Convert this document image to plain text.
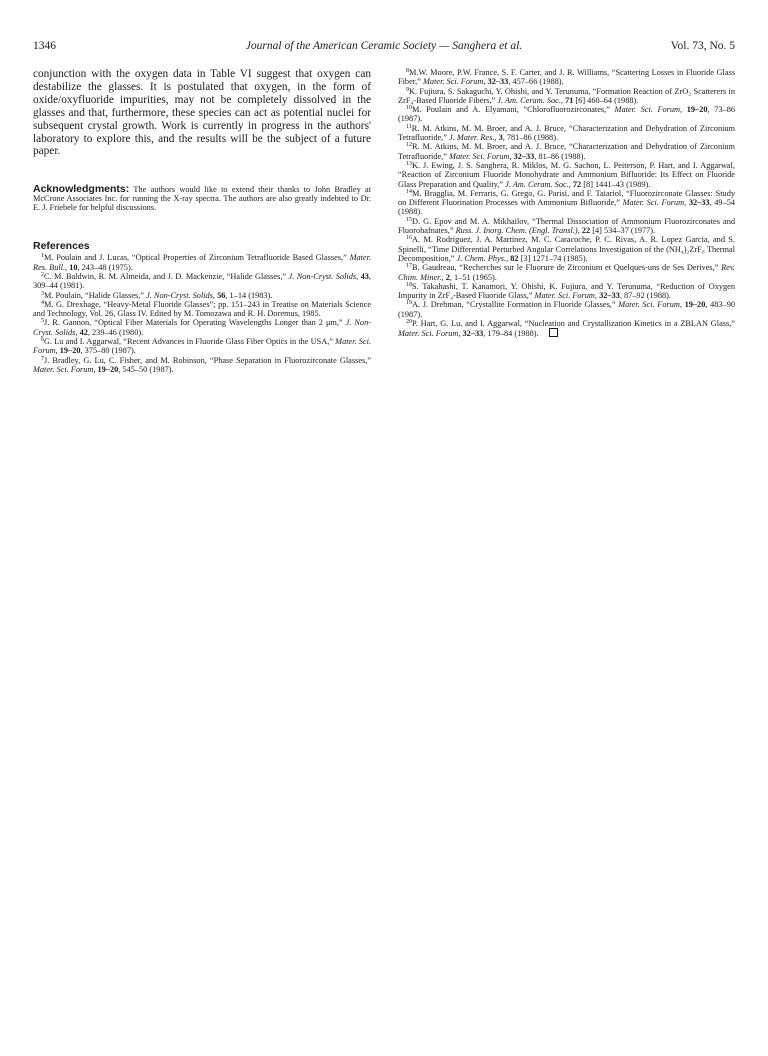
1346	Journal of the American Ceramic Society — Sanghera et al.	Vol. 73, No. 5

conjunction with the oxygen data in Table VI suggest that oxygen can destabilize the glasses. It is postulated that oxygen, in the form of oxide/oxyfluoride impurities, may not be completely dissolved in the glasses and that, furthermore, these species can act as potential nuclei for subsequent crystal growth. Work is currently in progress in the authors' laboratory to explore this, and the results will be the subject of a future paper.

Acknowledgments: The authors would like to extend their thanks to John Bradley at McCrone Associates Inc. for running the X-ray spectra. The authors are also greatly indebted to Dr. E. J. Friebele for helpful discussions.

References

$^1$M. Poulain and J. Lucas, “Optical Properties of Zirconium Tetrafluoride Based Glasses,” Mater. Res. Bull., 10, 243–48 (1975).

$^2$C. M. Baldwin, R. M. Almeida, and J. D. Mackenzie, “Halide Glasses,” J. Non-Cryst. Solids, 43, 309–44 (1981).

$^3$M. Poulain, “Halide Glasses,” J. Non-Cryst. Solids, 56, 1–14 (1983).

$^4$M. G. Drexhage, “Heavy-Metal Fluoride Glasses”; pp. 151–243 in Treatise on Materials Science and Technology, Vol. 26, Glass IV. Edited by M. Tomozawa and R. H. Doremus, 1985.

$^5$J. R. Gannon, “Optical Fiber Materials for Operating Wavelengths Longer than 2 μm,” J. Non-Cryst. Solids, 42, 239–46 (1980).

$^6$G. Lu and I. Aggarwal, “Recent Advances in Fluoride Glass Fiber Optics in the USA,” Mater. Sci. Forum, 19–20, 375–80 (1987).

$^7$J. Bradley, G. Lu, C. Fisher, and M. Robinson, “Phase Separation in Fluorozirconate Glasses,” Mater. Sci. Forum, 19–20, 545–50 (1987).

$^8$M.W. Moore, P.W. France, S. F. Carter, and J. R. Williams, “Scattering Losses in Fluoride Glass Fiber,” Mater. Sci. Forum, 32–33, 457–66 (1988).

$^9$K. Fujiura, S. Sakaguchi, Y. Ohishi, and Y. Terunuma, “Formation Reaction of ZrO₂ Scatterers in ZrF₄-Based Fluoride Fibers,” J. Am. Ceram. Soc., 71 [6] 460–64 (1988).

$^{10}$M. Poulain and A. Elyamani, “Chlorofluorozirconates,” Mater. Sci. Forum, 19–20, 73–86 (1987).

$^{11}$R. M. Atkins, M. M. Broer, and A. J. Bruce, “Characterization and Dehydration of Zirconium Tetrafluoride,” J. Mater. Res., 3, 781–86 (1988).

$^{12}$R. M. Atkins, M. M. Broer, and A. J. Bruce, “Characterization and Dehydration of Zirconium Tetrafluoride,” Mater. Sci. Forum, 32–33, 81–86 (1988).

$^{13}$K. J. Ewing, J. S. Sanghera, R. Miklos, M. G. Sachon, L. Peiterson, P. Hart, and I. Aggarwal, “Reaction of Zirconium Fluoride Monohydrate and Ammonium Bifluoride: Its Effect on Fluoride Glass Preparation and Quality,” J. Am. Ceram. Soc., 72 [8] 1441–43 (1989).

$^{14}$M. Bragglia, M. Ferraris, G. Grego, G. Parisi, and F. Taiariol, “Fluorozirconate Glasses: Study on Different Fluorination Processes with Ammonium Bifluoride,” Mater. Sci. Forum, 32–33, 49–54 (1988).

$^{15}$D. G. Epov and M. A. Mikhailov, “Thermal Dissociation of Ammonium Fluorozirconates and Fluorohafnates,” Russ. J. Inorg. Chem. (Engl. Transl.), 22 [4] 534–37 (1977).

$^{16}$A. M. Rodriguez, J. A. Martinez, M. C. Caracoche, P. C. Rivas, A. R. Lopez Garcia, and S. Spinelli, “Time Differential Perturbed Angular Correlations Investigation of the (NH₄)₂ZrF₆ Thermal Decomposition,” J. Chem. Phys., 82 [3] 1271–74 (1985).

$^{17}$B. Gaudreau, “Recherches sur le Fluorure de Zirconium et Quelques-uns de Ses Derives,” Rev. Chim. Miner., 2, 1–51 (1965).

$^{18}$S. Takahashi, T. Kanamori, Y. Ohishi, K. Fujiura, and Y. Terunuma, “Reduction of Oxygen Impurity in ZrF₄-Based Fluoride Glass,” Mater. Sci. Forum, 32–33, 87–92 (1988).

$^{19}$A. J. Drehman, “Crystallite Formation in Fluoride Glasses,” Mater. Sci. Forum, 19–20, 483–90 (1987).

$^{20}$P. Hart, G. Lu, and I. Aggarwal, “Nucleation and Crystallization Kinetics in a ZBLAN Glass,” Mater. Sci. Forum, 32–33, 179–84 (1988).
